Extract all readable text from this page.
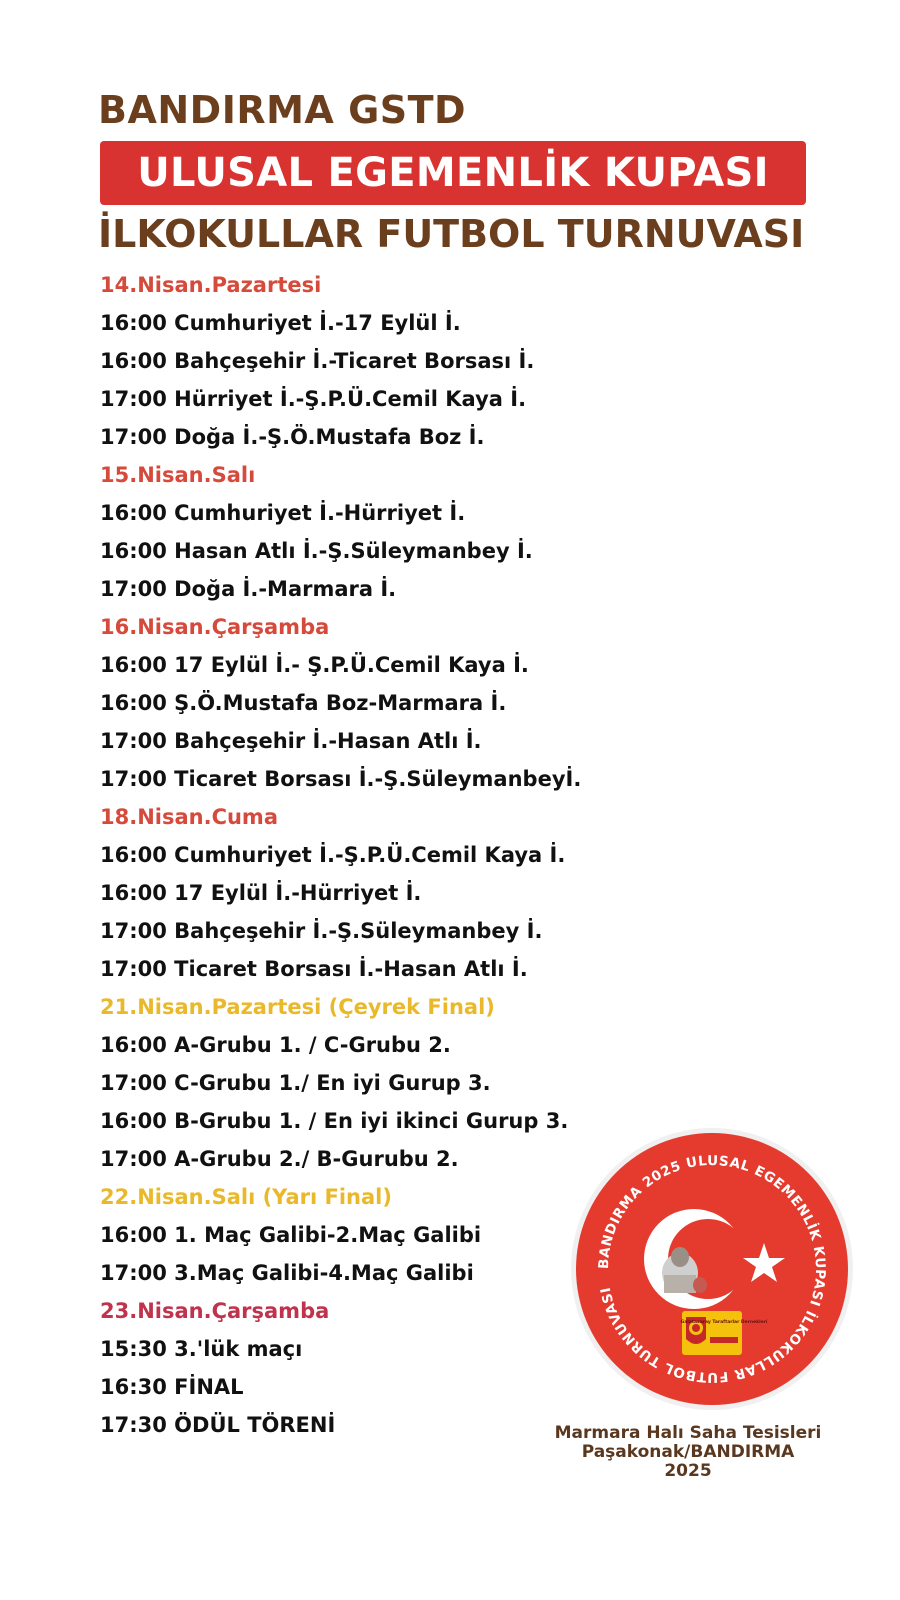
BANDIRMA GSTD
ULUSAL EGEMENLİK KUPASI
İLKOKULLAR FUTBOL TURNUVASI
14.Nisan.Pazartesi
16:00 Cumhuriyet İ.-17 Eylül İ.
16:00 Bahçeşehir İ.-Ticaret Borsası İ.
17:00 Hürriyet İ.-Ş.P.Ü.Cemil Kaya İ.
17:00 Doğa İ.-Ş.Ö.Mustafa Boz İ.
15.Nisan.Salı
16:00 Cumhuriyet İ.-Hürriyet İ.
16:00 Hasan Atlı İ.-Ş.Süleymanbey İ.
17:00 Doğa İ.-Marmara İ.
16.Nisan.Çarşamba
16:00 17 Eylül İ.- Ş.P.Ü.Cemil Kaya İ.
16:00 Ş.Ö.Mustafa Boz-Marmara İ.
17:00 Bahçeşehir İ.-Hasan Atlı İ.
17:00 Ticaret Borsası İ.-Ş.Süleymanbeyİ.
18.Nisan.Cuma
16:00 Cumhuriyet İ.-Ş.P.Ü.Cemil Kaya İ.
16:00 17 Eylül İ.-Hürriyet İ.
17:00 Bahçeşehir İ.-Ş.Süleymanbey İ.
17:00 Ticaret Borsası İ.-Hasan Atlı İ.
21.Nisan.Pazartesi (Çeyrek Final)
16:00 A-Grubu 1. / C-Grubu 2.
17:00 C-Grubu 1./ En iyi Gurup 3.
16:00 B-Grubu 1. / En iyi ikinci Gurup 3.
17:00 A-Grubu 2./ B-Gurubu 2.
22.Nisan.Salı (Yarı Final)
16:00 1. Maç Galibi-2.Maç Galibi
17:00 3.Maç Galibi-4.Maç Galibi
23.Nisan.Çarşamba
15:30 3.'lük maçı
16:30 FİNAL
17:30 ÖDÜL TÖRENİ
BANDIRMA 2025 ULUSAL EGEMENLİK KUPASI İLKOKULLAR FUTBOL TURNUVASI
Galatasaray Taraftarlar Dernekleri
Marmara Halı Saha Tesisleri
Paşakonak/BANDIRMA
2025
